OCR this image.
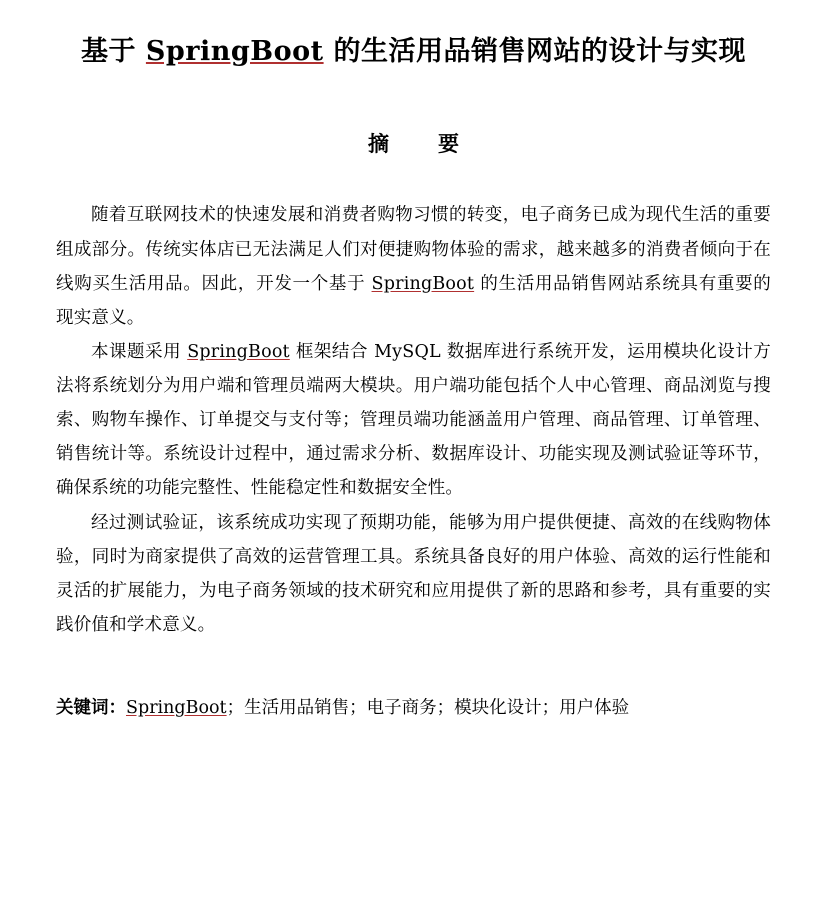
基于 SpringBoot 的生活用品销售网站的设计与实现
摘　要

随着互联网技术的快速发展和消费者购物习惯的转变，电子商务已成为现代生活的重要组成部分。传统实体店已无法满足人们对便捷购物体验的需求，越来越多的消费者倾向于在线购买生活用品。因此，开发一个基于 SpringBoot 的生活用品销售网站系统具有重要的现实意义。

本课题采用 SpringBoot 框架结合 MySQL 数据库进行系统开发，运用模块化设计方法将系统划分为用户端和管理员端两大模块。用户端功能包括个人中心管理、商品浏览与搜索、购物车操作、订单提交与支付等；管理员端功能涵盖用户管理、商品管理、订单管理、销售统计等。系统设计过程中，通过需求分析、数据库设计、功能实现及测试验证等环节，确保系统的功能完整性、性能稳定性和数据安全性。

经过测试验证，该系统成功实现了预期功能，能够为用户提供便捷、高效的在线购物体验，同时为商家提供了高效的运营管理工具。系统具备良好的用户体验、高效的运行性能和灵活的扩展能力，为电子商务领域的技术研究和应用提供了新的思路和参考，具有重要的实践价值和学术意义。

关键词：SpringBoot；生活用品销售；电子商务；模块化设计；用户体验
